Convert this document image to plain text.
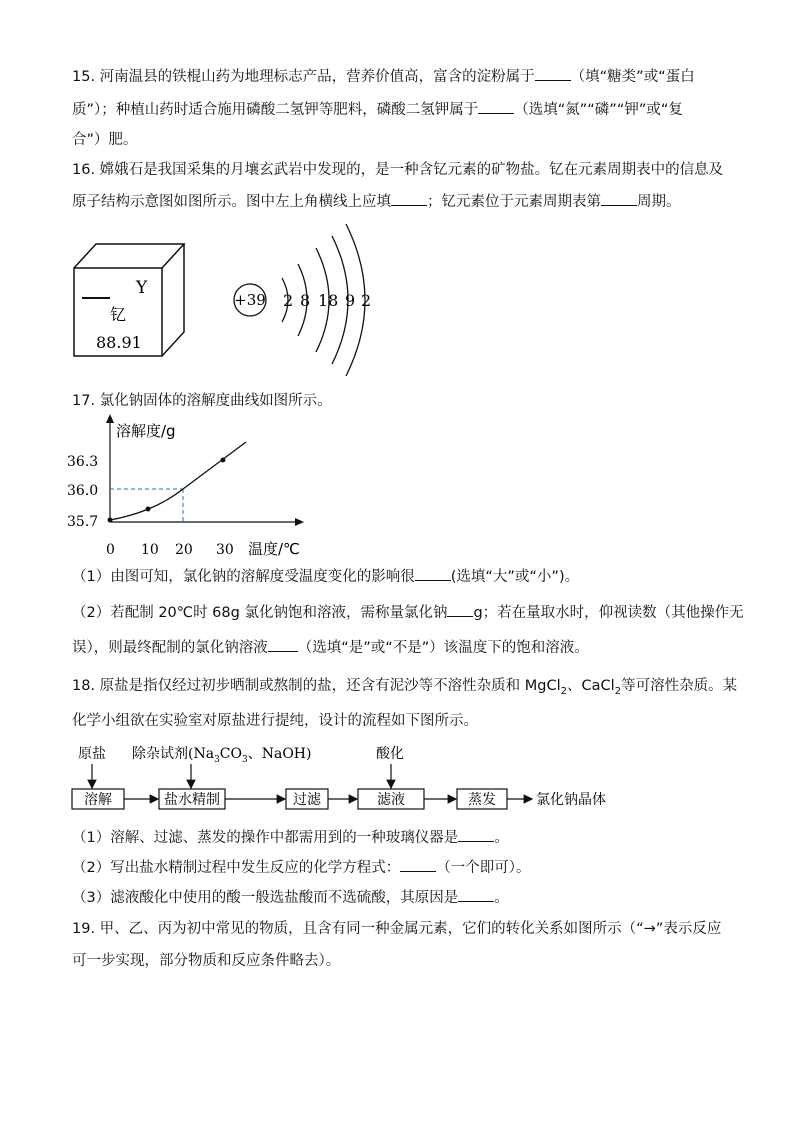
15. 河南温县的铁棍山药为地理标志产品，营养价值高，富含的淀粉属于 （填“糖类”或“蛋白
质”）；种植山药时适合施用磷酸二氢钾等肥料，磷酸二氢钾属于 （选填“氮”“磷”“钾”或“复
合”）肥。
16. 嫦娥石是我国采集的月壤玄武岩中发现的，是一种含钇元素的矿物盐。钇在元素周期表中的信息及
原子结构示意图如图所示。图中左上角横线上应填 ；钇元素位于元素周期表第 周期。
Y
钇
88.91
+39 2 8 18 9 2
17. 氯化钠固体的溶解度曲线如图所示。
溶解度/g
温度/℃
36.3
36.0
35.7
0 10 20 30
（1）由图可知，氯化钠的溶解度受温度变化的影响很 (选填“大”或“小”)。
（2）若配制 20℃时 68g 氯化钠饱和溶液，需称量氯化钠 g；若在量取水时，仰视读数（其他操作无
误），则最终配制的氯化钠溶液 （选填“是”或“不是”）该温度下的饱和溶液。
18. 原盐是指仅经过初步晒制或熬制的盐，还含有泥沙等不溶性杂质和 MgCl$_2$、CaCl$_2$等可溶性杂质。某
化学小组欲在实验室对原盐进行提纯，设计的流程如下图所示。
原盐 除杂试剂($Na_3CO_3$、NaOH)	酸化
溶解	盐水精制	过滤	滤液	蒸发	氯化钠晶体
（1）溶解、过滤、蒸发的操作中都需用到的一种玻璃仪器是 。
（2）写出盐水精制过程中发生反应的化学方程式： （一个即可）。
（3）滤液酸化中使用的酸一般选盐酸而不选硫酸，其原因是 。
19. 甲、乙、丙为初中常见的物质，且含有同一种金属元素，它们的转化关系如图所示（“→”表示反应
可一步实现，部分物质和反应条件略去）。
